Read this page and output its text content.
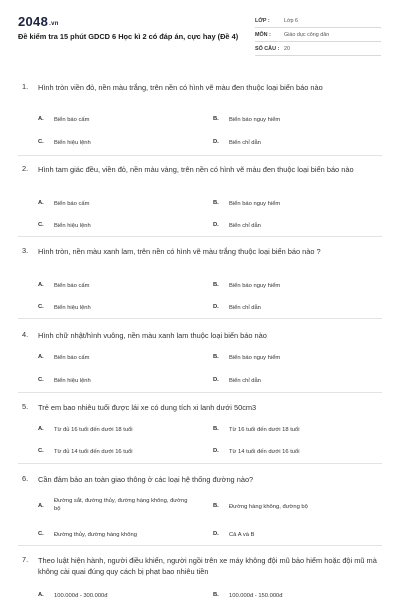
2048.vn
Đề kiểm tra 15 phút GDCD 6 Học kì 2 có đáp án, cực hay (Đề 4)
LỚP :	Lớp 6
MÔN : Giáo dục công dân
SỐ CÂU : 20
1. Hình tròn viền đỏ, nền màu trắng, trên nền có hình vẽ màu đen thuộc loại biển báo nào
A. Biển báo cấm	B. Biển báo nguy hiểm
C. Biển hiệu lệnh	D. Biển chỉ dẫn
2. Hình tam giác đều, viền đỏ, nền màu vàng, trên nền có hình vẽ màu đen thuộc loại biển báo nào
A. Biển báo cấm	B. Biển báo nguy hiểm
C. Biển hiệu lệnh	D. Biển chỉ dẫn
3. Hình tròn, nền màu xanh lam, trên nền có hình vẽ màu trắng thuộc loại biển báo nào ?
A. Biển báo cấm	B. Biển báo nguy hiểm
C. Biển hiệu lệnh	D. Biển chỉ dẫn
4. Hình chữ nhật/hình vuông, nền màu xanh lam thuộc loại biển báo nào
A. Biển báo cấm	B. Biển báo nguy hiểm
C. Biển hiệu lệnh	D. Biển chỉ dẫn
5. Trẻ em bao nhiêu tuổi được lái xe có dung tích xi lanh dưới 50cm3
A. Từ đủ 16 tuổi đến dưới 18 tuổi	B. Từ 16 tuổi đến dưới 18 tuổi
C. Từ đủ 14 tuổi đến dưới 16 tuổi	D. Từ 14 tuổi đến dưới 16 tuổi
6. Cần đảm bảo an toàn giao thông ở các loại hệ thống đường nào?
A.
Đường sắt, đường thủy, đường hàng không, đường bộ	B. Đường hàng không, đường bộ
C. Đường thủy, đường hàng không	D. Cả A và B
7. Theo luật hiện hành, người điều khiển, người ngồi trên xe máy không đội mũ bảo hiểm hoặc đội mũ mà không cài quai đúng quy cách bị phạt bao nhiêu tiền
A. 100.000đ - 300.000đ	B. 100.000đ - 150.000đ
